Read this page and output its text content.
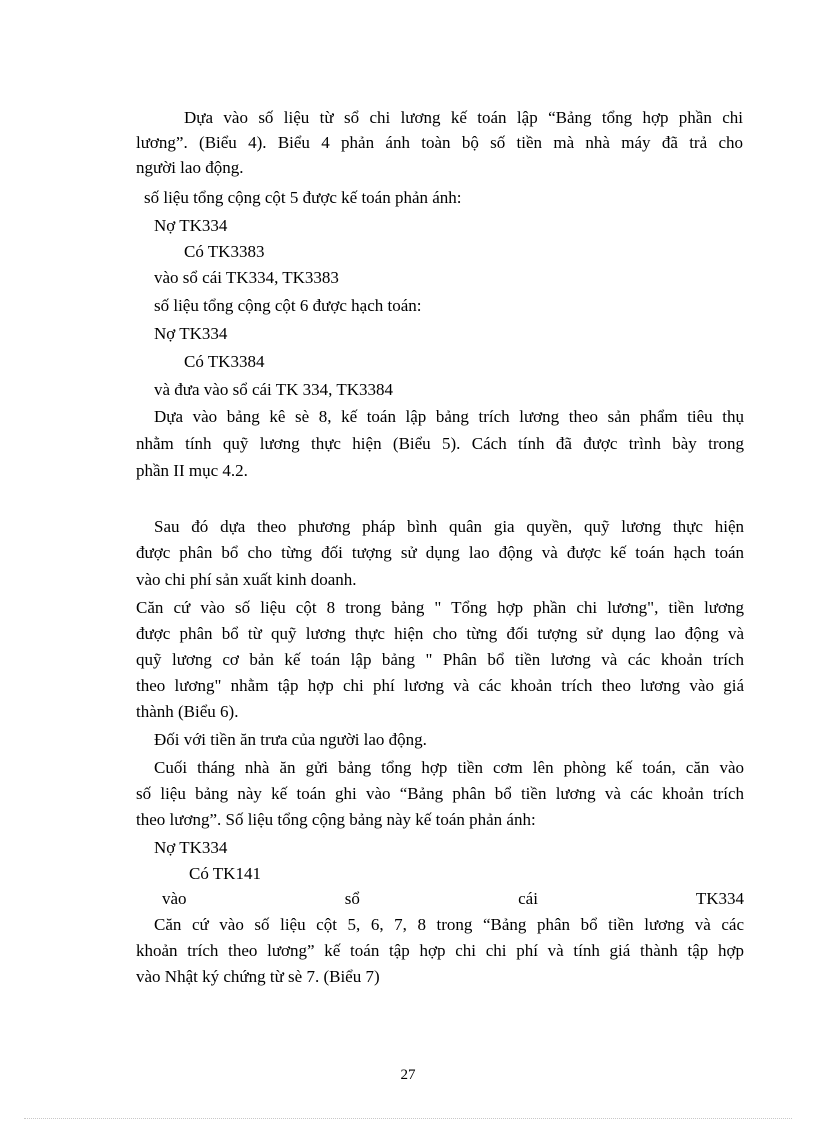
Dựa vào số liệu từ sổ chi lương kế toán lập “Bảng tổng hợp phần chi
lương”. (Biểu 4). Biểu 4 phản ánh toàn bộ số tiền mà nhà máy đã trả cho
người lao động.
số liệu tổng cộng cột 5 được kế toán phản ánh:
Nợ TK334
Có TK3383
vào sổ cái TK334, TK3383
số liệu tổng cộng cột 6 được hạch toán:
Nợ TK334
Có TK3384
và đưa vào sổ cái TK 334, TK3384
Dựa vào bảng kê sè 8, kế toán lập bảng trích lương theo sản phẩm tiêu thụ
nhằm tính quỹ lương thực hiện (Biểu 5). Cách tính đã được trình bày trong
phần II mục 4.2.
Sau đó dựa theo phương pháp bình quân gia quyền, quỹ lương thực hiện
được phân bổ cho từng đối tượng sử dụng lao động và được kế toán hạch toán
vào chi phí sản xuất kinh doanh.
Căn cứ vào số liệu cột 8 trong bảng " Tổng hợp phần chi lương", tiền lương
được phân bổ từ quỹ lương thực hiện cho từng đối tượng sử dụng lao động và
quỹ lương cơ bản kế toán lập bảng " Phân bổ tiền lương và các khoản trích
theo lương" nhằm tập hợp chi phí lương và các khoản trích theo lương vào giá
thành (Biểu 6).
Đối với tiền ăn trưa của người lao động.
Cuối tháng nhà ăn gửi bảng tổng hợp tiền cơm lên phòng kế toán, căn vào
số liệu bảng này kế toán ghi vào “Bảng phân bổ tiền lương và các khoản trích
theo lương”. Số liệu tổng cộng bảng này kế toán phản ánh:
Nợ TK334
Có TK141
vào sổ cái TK334
Căn cứ vào số liệu cột 5, 6, 7, 8 trong “Bảng phân bổ tiền lương và các
khoản trích theo lương” kế toán tập hợp chi chi phí và tính giá thành tập hợp
vào Nhật ký chứng từ sè 7. (Biểu 7)
27
